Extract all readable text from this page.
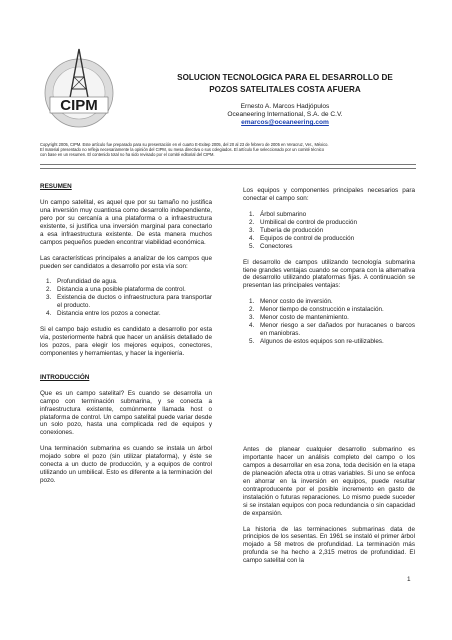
CIPM
SOLUCION TECNOLOGICA PARA EL DESARROLLO DE
POZOS SATELITALES COSTA AFUERA
Ernesto A. Marcos Hadjópulos
Oceaneering International, S.A. de C.V.
emarcos@oceaneering.com
Copyright 2005, CIPM. Este artículo fue preparado para su presentación en el cuarto E-Exitep 2005, del 20 al 23 de febrero de 2005 en Veracruz, Ver., México.
El material presentado no refleja necesariamente la opinión del CIPM, su mesa directiva o sus colegiados. El artículo fue seleccionado por un comité técnico
con base en un resumen. El contenido total no ha sido revisado por el comité editorial del CIPM.
RESUMEN

Un campo satelital, es aquel que por su tamaño no justifica una inversión muy cuantiosa como desarrollo independiente, pero por su cercanía a una plataforma o a infraestructura existente, si justifica una inversión marginal para conectarlo a esa infraestructura existente. De esta manera muchos campos pequeños pueden encontrar viabilidad económica.

Las características principales a analizar de los campos que pueden ser candidatos a desarrollo por esta vía son:

1. Profundidad de agua.
2. Distancia a una posible plataforma de control.
3. Existencia de ductos o infraestructura para transportar el producto.
4. Distancia entre los pozos a conectar.

Si el campo bajo estudio es candidato a desarrollo por esta vía, posteriormente habrá que hacer un análisis detallado de los pozos, para elegir los mejores equipos, conectores, componentes y herramientas, y hacer la ingeniería.

INTRODUCCIÓN

Que es un campo satelital? Es cuando se desarrolla un campo con terminación submarina, y se conecta a infraestructura existente, comúnmente llamada host o plataforma de control. Un campo satelital puede variar desde un solo pozo, hasta una complicada red de equipos y conexiones.

Una terminación submarina es cuando se instala un árbol mojado sobre el pozo (sin utilizar plataforma), y éste se conecta a un ducto de producción, y a equipos de control utilizando un umbilical. Esto es diferente a la terminación del pozo.

Los equipos y componentes principales necesarios para conectar el campo son:

1. Árbol submarino
2. Umbilical de control de producción
3. Tubería de producción
4. Equipos de control de producción
5. Conectores

El desarrollo de campos utilizando tecnología submarina tiene grandes ventajas cuando se compara con la alternativa de desarrollo utilizando plataformas fijas. A continuación se presentan las principales ventajas:

1. Menor costo de inversión.
2. Menor tiempo de construcción e instalación.
3. Menor costo de mantenimiento.
4. Menor riesgo a ser dañados por huracanes o barcos en maniobras.
5. Algunos de estos equipos son re-utilizables.

Antes de planear cualquier desarrollo submarino es importante hacer un análisis completo del campo o los campos a desarrollar en esa zona, toda decisión en la etapa de planeación afecta otra u otras variables. Si uno se enfoca en ahorrar en la inversión en equipos, puede resultar contraproducente por el posible incremento en gasto de instalación o futuras reparaciones. Lo mismo puede suceder si se instalan equipos con poca redundancia o sin capacidad de expansión.

La historia de las terminaciones submarinas data de principios de los sesentas. En 1961 se instaló el primer árbol mojado a 58 metros de profundidad. La terminación más profunda se ha hecho a 2,315 metros de profundidad. El campo satelital con la

1
